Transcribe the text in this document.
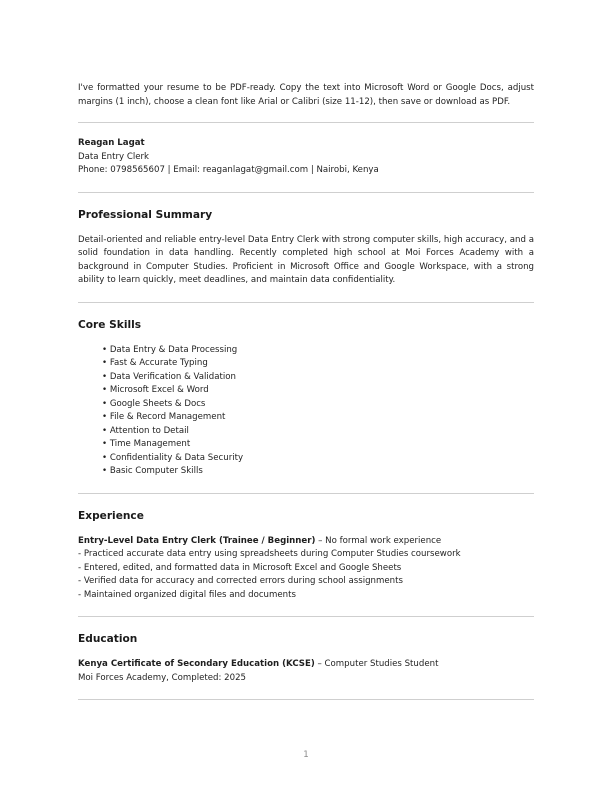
I've formatted your resume to be PDF-ready. Copy the text into Microsoft Word or Google Docs, adjust margins (1 inch), choose a clean font like Arial or Calibri (size 11-12), then save or download as PDF.

Reagan Lagat
Data Entry Clerk
Phone: 0798565607 | Email: reaganlagat@gmail.com | Nairobi, Kenya
Professional Summary
Detail-oriented and reliable entry-level Data Entry Clerk with strong computer skills, high accuracy, and a solid foundation in data handling. Recently completed high school at Moi Forces Academy with a background in Computer Studies. Proficient in Microsoft Office and Google Workspace, with a strong ability to learn quickly, meet deadlines, and maintain data confidentiality.
Core Skills
• Data Entry & Data Processing
• Fast & Accurate Typing
• Data Verification & Validation
• Microsoft Excel & Word
• Google Sheets & Docs
• File & Record Management
• Attention to Detail
• Time Management
• Confidentiality & Data Security
• Basic Computer Skills
Experience
Entry-Level Data Entry Clerk (Trainee / Beginner) – No formal work experience
- Practiced accurate data entry using spreadsheets during Computer Studies coursework
- Entered, edited, and formatted data in Microsoft Excel and Google Sheets
- Verified data for accuracy and corrected errors during school assignments
- Maintained organized digital files and documents
Education
Kenya Certificate of Secondary Education (KCSE) – Computer Studies Student
Moi Forces Academy, Completed: 2025
1
